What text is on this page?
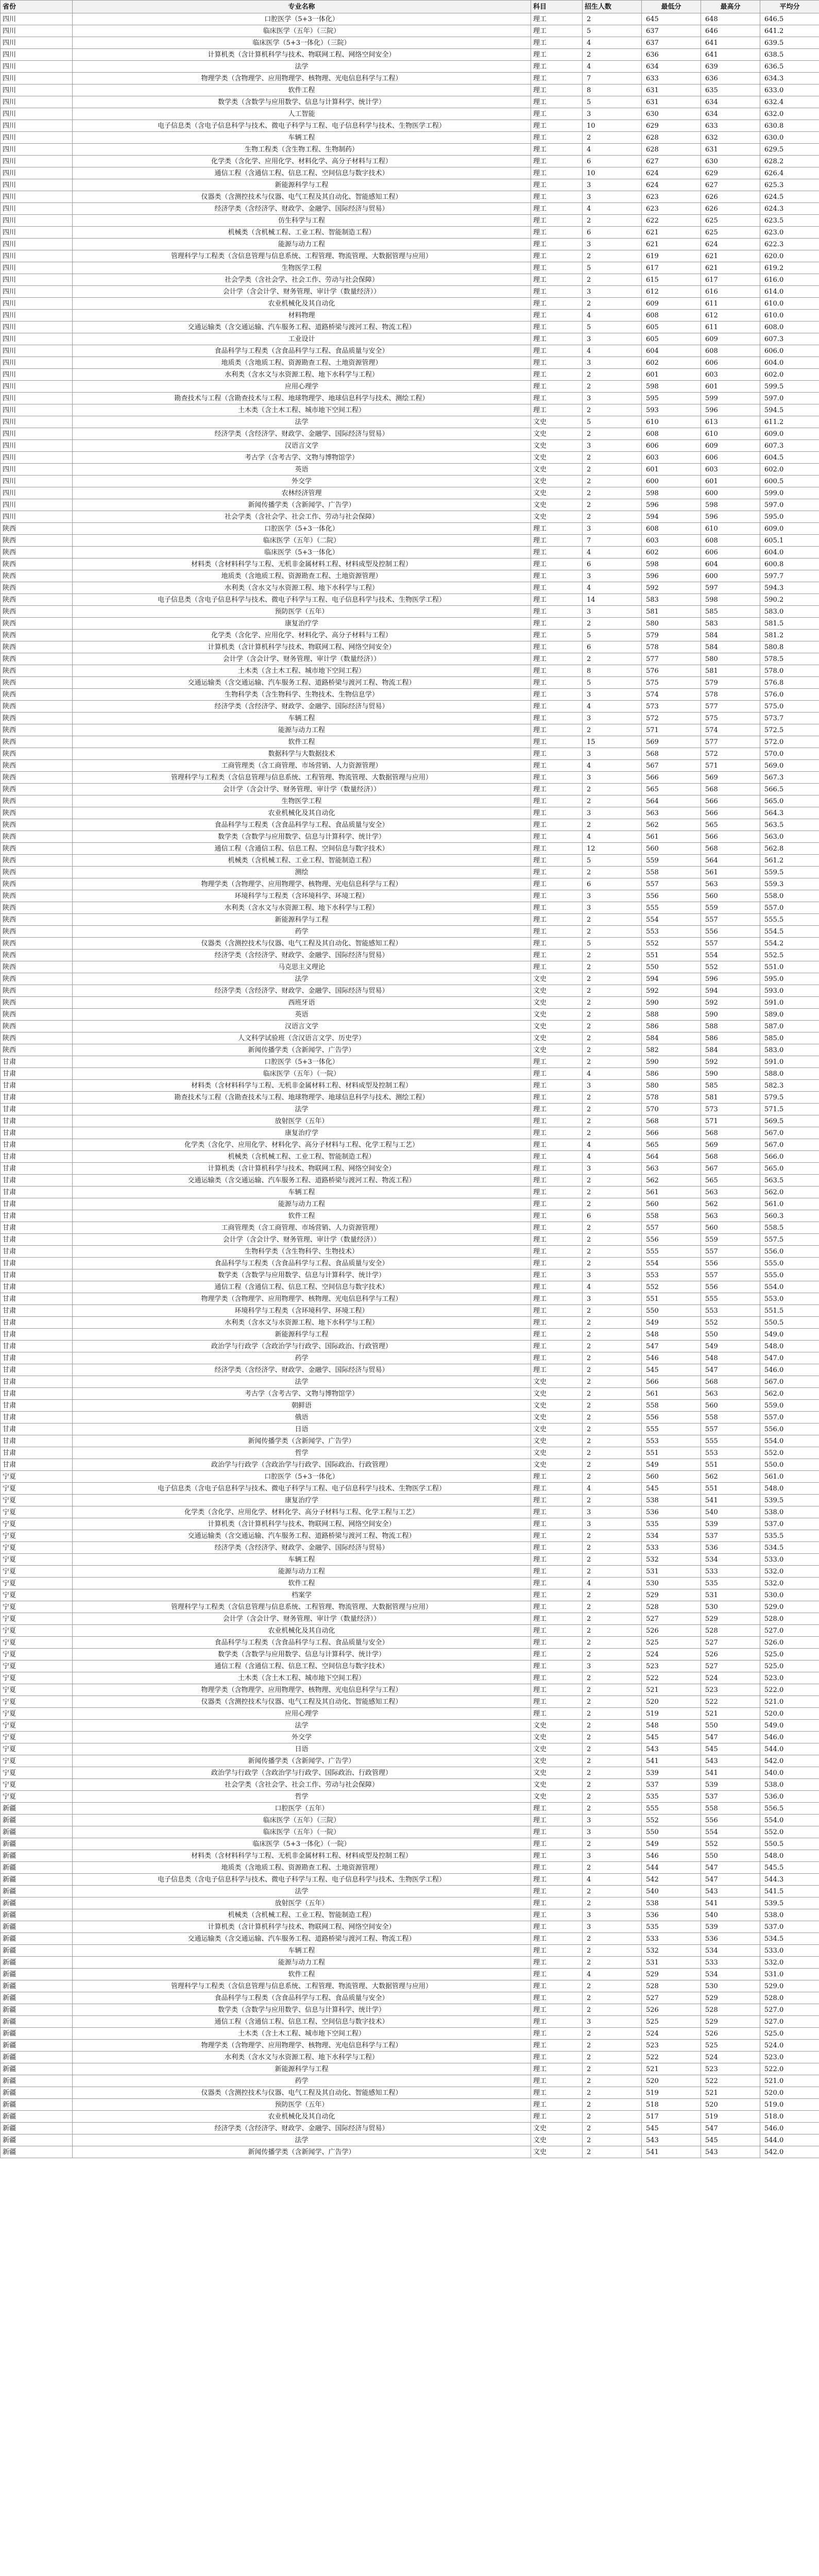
省份	专业名称	科目	招生人数	最低分	最高分	平均分
四川	口腔医学（5+3一体化）	理工	2	645	648	646.5
四川	临床医学（五年）（三院）	理工	5	637	646	641.2
四川	临床医学（5+3一体化）（三院）	理工	4	637	641	639.5
四川	计算机类（含计算机科学与技术、物联网工程、网络空间安全）	理工	2	636	641	638.5
四川	法学	理工	4	634	639	636.5
四川	物理学类（含物理学、应用物理学、核物理、光电信息科学与工程）	理工	7	633	636	634.3
四川	软件工程	理工	8	631	635	633.0
四川	数学类（含数学与应用数学、信息与计算科学、统计学）	理工	5	631	634	632.4
四川	人工智能	理工	3	630	634	632.0
四川	电子信息类（含电子信息科学与技术、微电子科学与工程、电子信息科学与技术、生物医学工程）	理工	10	629	633	630.8
四川	车辆工程	理工	2	628	632	630.0
四川	生物工程类（含生物工程、生物制药）	理工	4	628	631	629.5
四川	化学类（含化学、应用化学、材料化学、高分子材料与工程）	理工	6	627	630	628.2
四川	通信工程（含通信工程、信息工程、空间信息与数字技术）	理工	10	624	629	626.4
四川	新能源科学与工程	理工	3	624	627	625.3
四川	仪器类（含测控技术与仪器、电气工程及其自动化、智能感知工程）	理工	3	623	626	624.5
四川	经济学类（含经济学、财政学、金融学、国际经济与贸易）	理工	4	623	626	624.3
四川	仿生科学与工程	理工	2	622	625	623.5
四川	机械类（含机械工程、工业工程、智能制造工程）	理工	6	621	625	623.0
四川	能源与动力工程	理工	3	621	624	622.3
四川	管理科学与工程类（含信息管理与信息系统、工程管理、物流管理、大数据管理与应用）	理工	2	619	621	620.0
四川	生物医学工程	理工	5	617	621	619.2
四川	社会学类（含社会学、社会工作、劳动与社会保障）	理工	2	615	617	616.0
四川	会计学（含会计学、财务管理、审计学（数量经济））	理工	3	612	616	614.0
四川	农业机械化及其自动化	理工	2	609	611	610.0
四川	材料物理	理工	4	608	612	610.0
四川	交通运输类（含交通运输、汽车服务工程、道路桥梁与渡河工程、物流工程）	理工	5	605	611	608.0
四川	工业设计	理工	3	605	609	607.3
四川	食品科学与工程类（含食品科学与工程、食品质量与安全）	理工	4	604	608	606.0
四川	地质类（含地质工程、资源勘查工程、土地资源管理）	理工	3	602	606	604.0
四川	水利类（含水文与水资源工程、地下水科学与工程）	理工	2	601	603	602.0
四川	应用心理学	理工	2	598	601	599.5
四川	勘查技术与工程（含勘查技术与工程、地球物理学、地球信息科学与技术、测绘工程）	理工	3	595	599	597.0
四川	土木类（含土木工程、城市地下空间工程）	理工	2	593	596	594.5
四川	法学	文史	5	610	613	611.2
四川	经济学类（含经济学、财政学、金融学、国际经济与贸易）	文史	2	608	610	609.0
四川	汉语言文学	文史	3	606	609	607.3
四川	考古学（含考古学、文物与博物馆学）	文史	2	603	606	604.5
四川	英语	文史	2	601	603	602.0
四川	外交学	文史	2	600	601	600.5
四川	农林经济管理	文史	2	598	600	599.0
四川	新闻传播学类（含新闻学、广告学）	文史	2	596	598	597.0
四川	社会学类（含社会学、社会工作、劳动与社会保障）	文史	2	594	596	595.0
陕西	口腔医学（5+3一体化）	理工	3	608	610	609.0
陕西	临床医学（五年）（二院）	理工	7	603	608	605.1
陕西	临床医学（5+3一体化）	理工	4	602	606	604.0
陕西	材料类（含材料科学与工程、无机非金属材料工程、材料成型及控制工程）	理工	6	598	604	600.8
陕西	地质类（含地质工程、资源勘查工程、土地资源管理）	理工	3	596	600	597.7
陕西	水利类（含水文与水资源工程、地下水科学与工程）	理工	4	592	597	594.3
陕西	电子信息类（含电子信息科学与技术、微电子科学与工程、电子信息科学与技术、生物医学工程）	理工	14	583	598	590.2
陕西	预防医学（五年）	理工	3	581	585	583.0
陕西	康复治疗学	理工	2	580	583	581.5
陕西	化学类（含化学、应用化学、材料化学、高分子材料与工程）	理工	5	579	584	581.2
陕西	计算机类（含计算机科学与技术、物联网工程、网络空间安全）	理工	6	578	584	580.8
陕西	会计学（含会计学、财务管理、审计学（数量经济））	理工	2	577	580	578.5
陕西	土木类（含土木工程、城市地下空间工程）	理工	8	576	581	578.0
陕西	交通运输类（含交通运输、汽车服务工程、道路桥梁与渡河工程、物流工程）	理工	5	575	579	576.8
陕西	生物科学类（含生物科学、生物技术、生物信息学）	理工	3	574	578	576.0
陕西	经济学类（含经济学、财政学、金融学、国际经济与贸易）	理工	4	573	577	575.0
陕西	车辆工程	理工	3	572	575	573.7
陕西	能源与动力工程	理工	2	571	574	572.5
陕西	软件工程	理工	15	569	577	572.0
陕西	数据科学与大数据技术	理工	3	568	572	570.0
陕西	工商管理类（含工商管理、市场营销、人力资源管理）	理工	4	567	571	569.0
陕西	管理科学与工程类（含信息管理与信息系统、工程管理、物流管理、大数据管理与应用）	理工	3	566	569	567.3
陕西	会计学（含会计学、财务管理、审计学（数量经济））	理工	2	565	568	566.5
陕西	生物医学工程	理工	2	564	566	565.0
陕西	农业机械化及其自动化	理工	3	563	566	564.3
陕西	食品科学与工程类（含食品科学与工程、食品质量与安全）	理工	2	562	565	563.5
陕西	数学类（含数学与应用数学、信息与计算科学、统计学）	理工	4	561	566	563.0
陕西	通信工程（含通信工程、信息工程、空间信息与数字技术）	理工	12	560	568	562.8
陕西	机械类（含机械工程、工业工程、智能制造工程）	理工	5	559	564	561.2
陕西	测绘	理工	2	558	561	559.5
陕西	物理学类（含物理学、应用物理学、核物理、光电信息科学与工程）	理工	6	557	563	559.3
陕西	环境科学与工程类（含环境科学、环境工程）	理工	3	556	560	558.0
陕西	水利类（含水文与水资源工程、地下水科学与工程）	理工	3	555	559	557.0
陕西	新能源科学与工程	理工	2	554	557	555.5
陕西	药学	理工	2	553	556	554.5
陕西	仪器类（含测控技术与仪器、电气工程及其自动化、智能感知工程）	理工	5	552	557	554.2
陕西	经济学类（含经济学、财政学、金融学、国际经济与贸易）	理工	2	551	554	552.5
陕西	马克思主义理论	理工	2	550	552	551.0
陕西	法学	文史	2	594	596	595.0
陕西	经济学类（含经济学、财政学、金融学、国际经济与贸易）	文史	2	592	594	593.0
陕西	西班牙语	文史	2	590	592	591.0
陕西	英语	文史	2	588	590	589.0
陕西	汉语言文学	文史	2	586	588	587.0
陕西	人文科学试验班（含汉语言文学、历史学）	文史	2	584	586	585.0
陕西	新闻传播学类（含新闻学、广告学）	文史	2	582	584	583.0
甘肃	口腔医学（5+3一体化）	理工	2	590	592	591.0
甘肃	临床医学（五年）（一院）	理工	4	586	590	588.0
甘肃	材料类（含材料科学与工程、无机非金属材料工程、材料成型及控制工程）	理工	3	580	585	582.3
甘肃	勘查技术与工程（含勘查技术与工程、地球物理学、地球信息科学与技术、测绘工程）	理工	2	578	581	579.5
甘肃	法学	理工	2	570	573	571.5
甘肃	放射医学（五年）	理工	2	568	571	569.5
甘肃	康复治疗学	理工	2	566	568	567.0
甘肃	化学类（含化学、应用化学、材料化学、高分子材料与工程、化学工程与工艺）	理工	4	565	569	567.0
甘肃	机械类（含机械工程、工业工程、智能制造工程）	理工	4	564	568	566.0
甘肃	计算机类（含计算机科学与技术、物联网工程、网络空间安全）	理工	3	563	567	565.0
甘肃	交通运输类（含交通运输、汽车服务工程、道路桥梁与渡河工程、物流工程）	理工	2	562	565	563.5
甘肃	车辆工程	理工	2	561	563	562.0
甘肃	能源与动力工程	理工	2	560	562	561.0
甘肃	软件工程	理工	6	558	563	560.3
甘肃	工商管理类（含工商管理、市场营销、人力资源管理）	理工	2	557	560	558.5
甘肃	会计学（含会计学、财务管理、审计学（数量经济））	理工	2	556	559	557.5
甘肃	生物科学类（含生物科学、生物技术）	理工	2	555	557	556.0
甘肃	食品科学与工程类（含食品科学与工程、食品质量与安全）	理工	2	554	556	555.0
甘肃	数学类（含数学与应用数学、信息与计算科学、统计学）	理工	3	553	557	555.0
甘肃	通信工程（含通信工程、信息工程、空间信息与数字技术）	理工	4	552	556	554.0
甘肃	物理学类（含物理学、应用物理学、核物理、光电信息科学与工程）	理工	3	551	555	553.0
甘肃	环境科学与工程类（含环境科学、环境工程）	理工	2	550	553	551.5
甘肃	水利类（含水文与水资源工程、地下水科学与工程）	理工	2	549	552	550.5
甘肃	新能源科学与工程	理工	2	548	550	549.0
甘肃	政治学与行政学（含政治学与行政学、国际政治、行政管理）	理工	2	547	549	548.0
甘肃	药学	理工	2	546	548	547.0
甘肃	经济学类（含经济学、财政学、金融学、国际经济与贸易）	理工	2	545	547	546.0
甘肃	法学	文史	2	566	568	567.0
甘肃	考古学（含考古学、文物与博物馆学）	文史	2	561	563	562.0
甘肃	朝鲜语	文史	2	558	560	559.0
甘肃	俄语	文史	2	556	558	557.0
甘肃	日语	文史	2	555	557	556.0
甘肃	新闻传播学类（含新闻学、广告学）	文史	2	553	555	554.0
甘肃	哲学	文史	2	551	553	552.0
甘肃	政治学与行政学（含政治学与行政学、国际政治、行政管理）	文史	2	549	551	550.0
宁夏	口腔医学（5+3一体化）	理工	2	560	562	561.0
宁夏	电子信息类（含电子信息科学与技术、微电子科学与工程、电子信息科学与技术、生物医学工程）	理工	4	545	551	548.0
宁夏	康复治疗学	理工	2	538	541	539.5
宁夏	化学类（含化学、应用化学、材料化学、高分子材料与工程、化学工程与工艺）	理工	3	536	540	538.0
宁夏	计算机类（含计算机科学与技术、物联网工程、网络空间安全）	理工	3	535	539	537.0
宁夏	交通运输类（含交通运输、汽车服务工程、道路桥梁与渡河工程、物流工程）	理工	2	534	537	535.5
宁夏	经济学类（含经济学、财政学、金融学、国际经济与贸易）	理工	2	533	536	534.5
宁夏	车辆工程	理工	2	532	534	533.0
宁夏	能源与动力工程	理工	2	531	533	532.0
宁夏	软件工程	理工	4	530	535	532.0
宁夏	档案学	理工	2	529	531	530.0
宁夏	管理科学与工程类（含信息管理与信息系统、工程管理、物流管理、大数据管理与应用）	理工	2	528	530	529.0
宁夏	会计学（含会计学、财务管理、审计学（数量经济））	理工	2	527	529	528.0
宁夏	农业机械化及其自动化	理工	2	526	528	527.0
宁夏	食品科学与工程类（含食品科学与工程、食品质量与安全）	理工	2	525	527	526.0
宁夏	数学类（含数学与应用数学、信息与计算科学、统计学）	理工	2	524	526	525.0
宁夏	通信工程（含通信工程、信息工程、空间信息与数字技术）	理工	3	523	527	525.0
宁夏	土木类（含土木工程、城市地下空间工程）	理工	2	522	524	523.0
宁夏	物理学类（含物理学、应用物理学、核物理、光电信息科学与工程）	理工	2	521	523	522.0
宁夏	仪器类（含测控技术与仪器、电气工程及其自动化、智能感知工程）	理工	2	520	522	521.0
宁夏	应用心理学	理工	2	519	521	520.0
宁夏	法学	文史	2	548	550	549.0
宁夏	外交学	文史	2	545	547	546.0
宁夏	日语	文史	2	543	545	544.0
宁夏	新闻传播学类（含新闻学、广告学）	文史	2	541	543	542.0
宁夏	政治学与行政学（含政治学与行政学、国际政治、行政管理）	文史	2	539	541	540.0
宁夏	社会学类（含社会学、社会工作、劳动与社会保障）	文史	2	537	539	538.0
宁夏	哲学	文史	2	535	537	536.0
新疆	口腔医学（五年）	理工	2	555	558	556.5
新疆	临床医学（五年）（三院）	理工	3	552	556	554.0
新疆	临床医学（五年）（一院）	理工	3	550	554	552.0
新疆	临床医学（5+3一体化）（一院）	理工	2	549	552	550.5
新疆	材料类（含材料科学与工程、无机非金属材料工程、材料成型及控制工程）	理工	3	546	550	548.0
新疆	地质类（含地质工程、资源勘查工程、土地资源管理）	理工	2	544	547	545.5
新疆	电子信息类（含电子信息科学与技术、微电子科学与工程、电子信息科学与技术、生物医学工程）	理工	4	542	547	544.3
新疆	法学	理工	2	540	543	541.5
新疆	放射医学（五年）	理工	2	538	541	539.5
新疆	机械类（含机械工程、工业工程、智能制造工程）	理工	3	536	540	538.0
新疆	计算机类（含计算机科学与技术、物联网工程、网络空间安全）	理工	3	535	539	537.0
新疆	交通运输类（含交通运输、汽车服务工程、道路桥梁与渡河工程、物流工程）	理工	2	533	536	534.5
新疆	车辆工程	理工	2	532	534	533.0
新疆	能源与动力工程	理工	2	531	533	532.0
新疆	软件工程	理工	4	529	534	531.0
新疆	管理科学与工程类（含信息管理与信息系统、工程管理、物流管理、大数据管理与应用）	理工	2	528	530	529.0
新疆	食品科学与工程类（含食品科学与工程、食品质量与安全）	理工	2	527	529	528.0
新疆	数学类（含数学与应用数学、信息与计算科学、统计学）	理工	2	526	528	527.0
新疆	通信工程（含通信工程、信息工程、空间信息与数字技术）	理工	3	525	529	527.0
新疆	土木类（含土木工程、城市地下空间工程）	理工	2	524	526	525.0
新疆	物理学类（含物理学、应用物理学、核物理、光电信息科学与工程）	理工	2	523	525	524.0
新疆	水利类（含水文与水资源工程、地下水科学与工程）	理工	2	522	524	523.0
新疆	新能源科学与工程	理工	2	521	523	522.0
新疆	药学	理工	2	520	522	521.0
新疆	仪器类（含测控技术与仪器、电气工程及其自动化、智能感知工程）	理工	2	519	521	520.0
新疆	预防医学（五年）	理工	2	518	520	519.0
新疆	农业机械化及其自动化	理工	2	517	519	518.0
新疆	经济学类（含经济学、财政学、金融学、国际经济与贸易）	文史	2	545	547	546.0
新疆	法学	文史	2	543	545	544.0
新疆	新闻传播学类（含新闻学、广告学）	文史	2	541	543	542.0
